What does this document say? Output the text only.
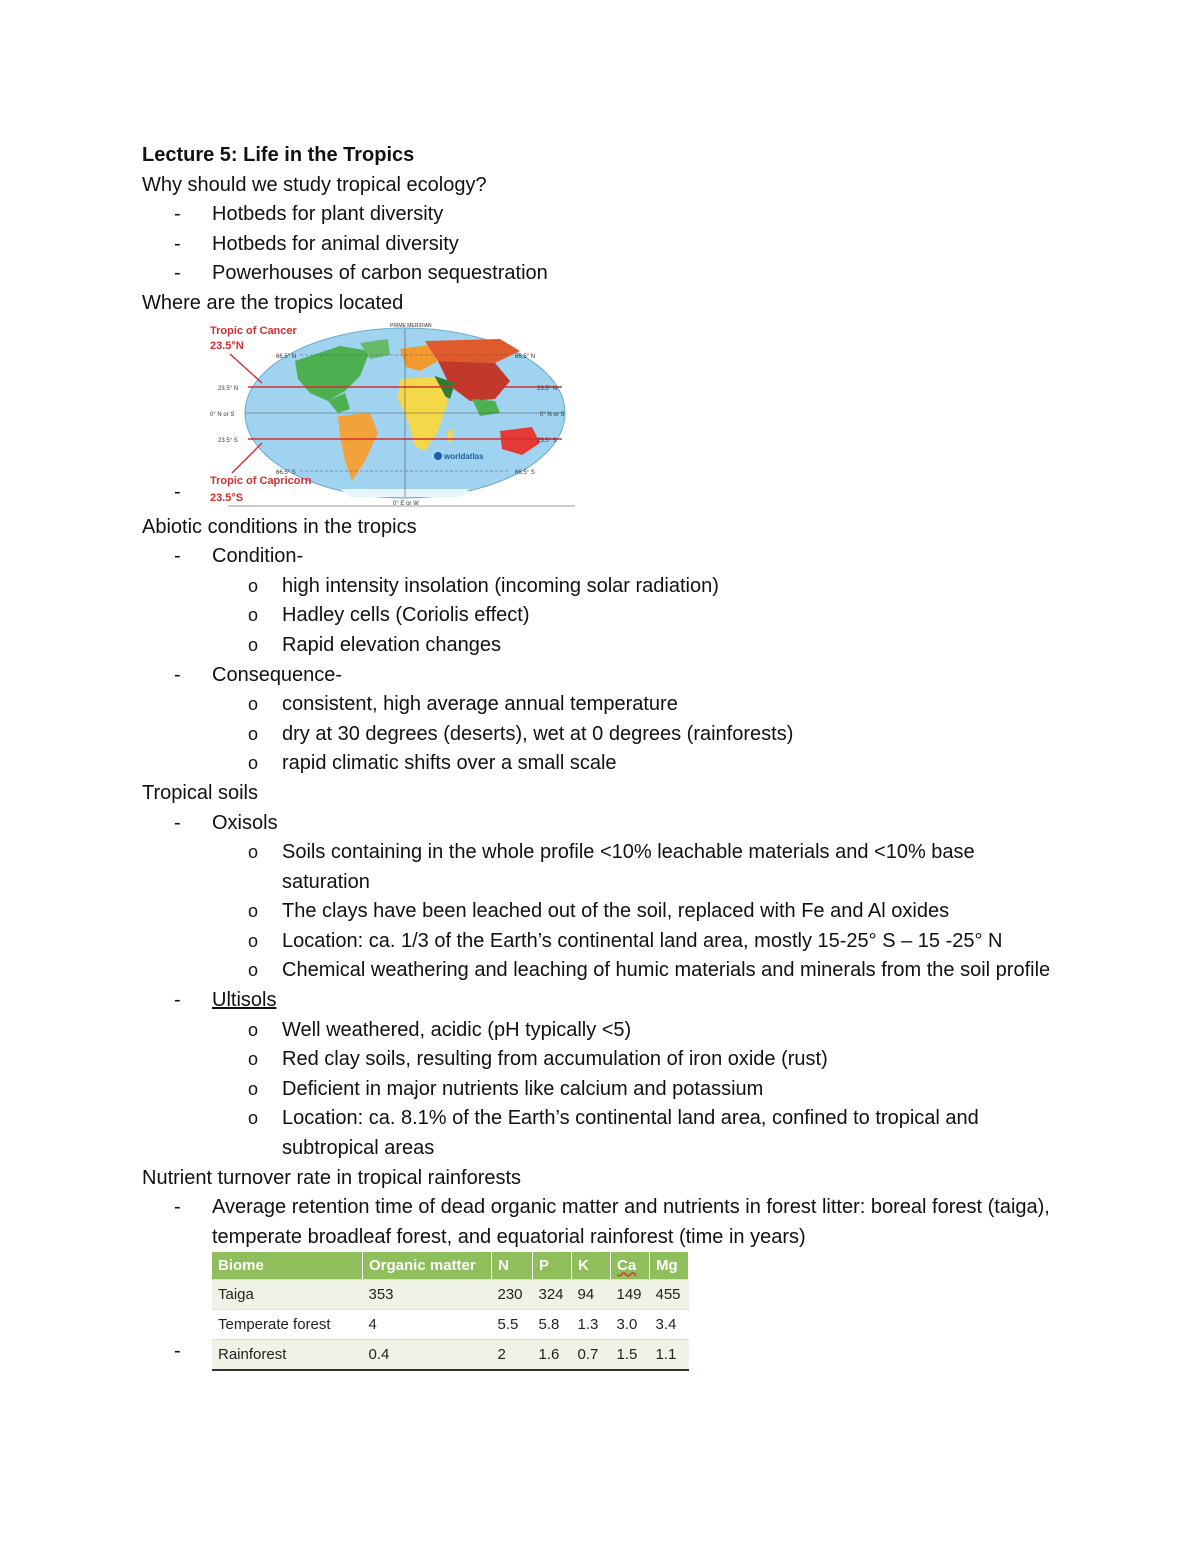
Lecture 5: Life in the Tropics
Why should we study tropical ecology?
- Hotbeds for plant diversity
- Hotbeds for animal diversity
- Powerhouses of carbon sequestration
Where are the tropics located
Tropic of Cancer
23.5°N
Tropic of Capricorn
23.5°S
66.5° N	66.5° N
23.5° N	23.5° N
0° N or S	0° N or S
23.5° S	23.5° S
66.5° S	66.5° S
PRIME MERIDIAN
0° E or W
worldatlas
-
Abiotic conditions in the tropics
- Condition-
o high intensity insolation (incoming solar radiation)
o Hadley cells (Coriolis effect)
o Rapid elevation changes
- Consequence-
o consistent, high average annual temperature
o dry at 30 degrees (deserts), wet at 0 degrees (rainforests)
o rapid climatic shifts over a small scale
Tropical soils
- Oxisols
o Soils containing in the whole profile <10% leachable materials and <10% base saturation
o The clays have been leached out of the soil, replaced with Fe and Al oxides
o Location: ca. 1/3 of the Earth’s continental land area, mostly 15-25° S – 15 -25° N
o Chemical weathering and leaching of humic materials and minerals from the soil profile
- Ultisols
o Well weathered, acidic (pH typically <5)
o Red clay soils, resulting from accumulation of iron oxide (rust)
o Deficient in major nutrients like calcium and potassium
o Location: ca. 8.1% of the Earth’s continental land area, confined to tropical and subtropical areas
Nutrient turnover rate in tropical rainforests
- Average retention time of dead organic matter and nutrients in forest litter: boreal forest (taiga), temperate broadleaf forest, and equatorial rainforest (time in years)
Biome	Organic matter	N	P	K	Ca	Mg
Taiga	353	230	324	94	149	455
Temperate forest	4	5.5	5.8	1.3	3.0	3.4
Rainforest	0.4	2	1.6	0.7	1.5	1.1
-
